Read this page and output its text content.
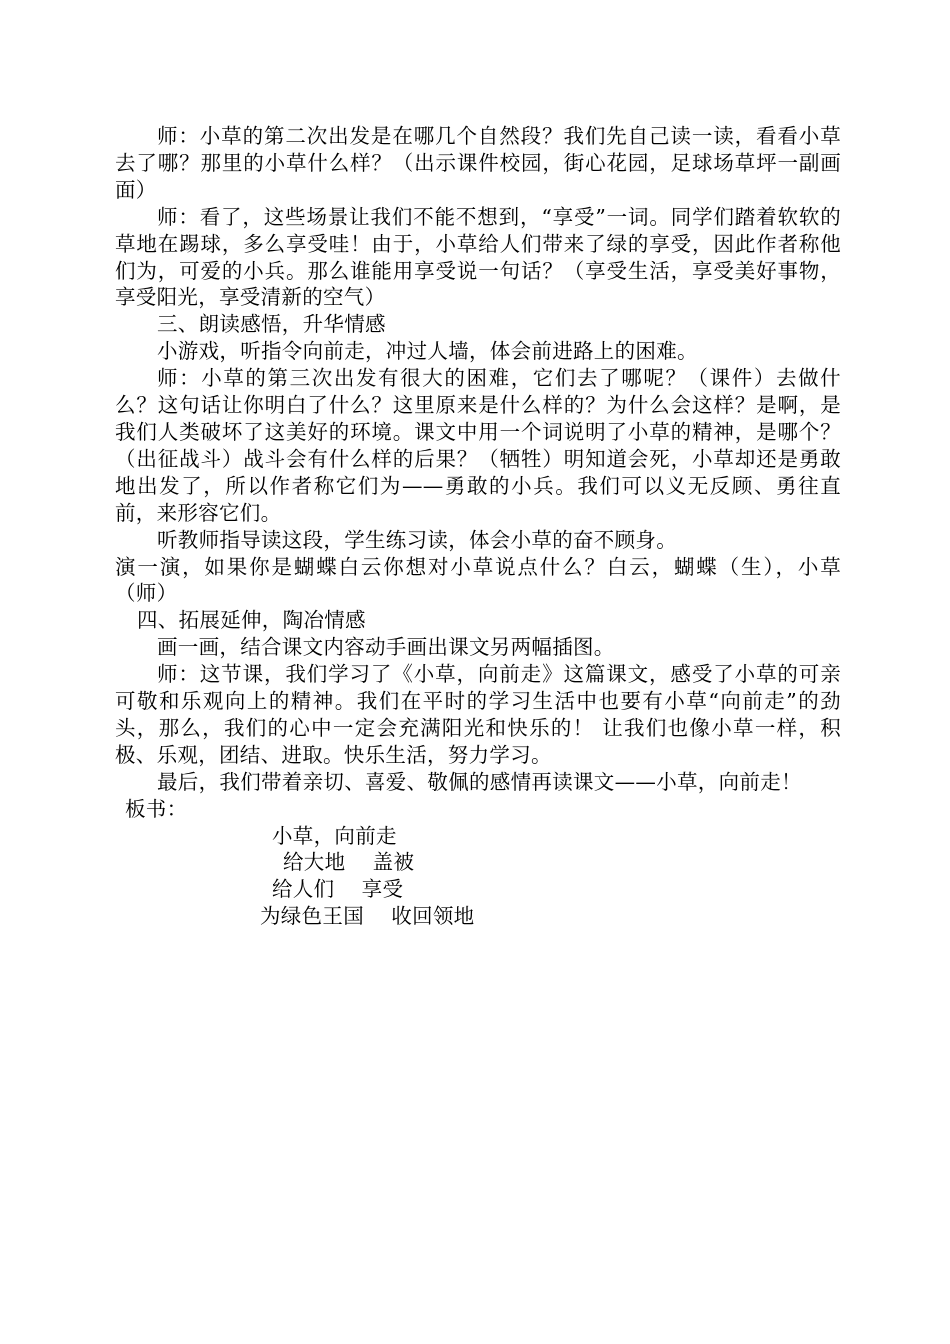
师：小草的第二次出发是在哪几个自然段？我们先自己读一读，看看小草去了哪？那里的小草什么样？（出示课件校园，街心花园，足球场草坪一副画面）

师：看了，这些场景让我们不能不想到，“享受”一词。同学们踏着软软的草地在踢球，多么享受哇！由于，小草给人们带来了绿的享受，因此作者称他们为，可爱的小兵。那么谁能用享受说一句话？（享受生活，享受美好事物，享受阳光，享受清新的空气）

三、朗读感悟，升华情感

小游戏，听指令向前走，冲过人墙，体会前进路上的困难。

师：小草的第三次出发有很大的困难，它们去了哪呢？（课件）去做什么？这句话让你明白了什么？这里原来是什么样的？为什么会这样？是啊，是我们人类破坏了这美好的环境。课文中用一个词说明了小草的精神，是哪个？（出征战斗）战斗会有什么样的后果？（牺牲）明知道会死，小草却还是勇敢地出发了，所以作者称它们为——勇敢的小兵。我们可以义无反顾、勇往直前，来形容它们。

听教师指导读这段，学生练习读，体会小草的奋不顾身。

演一演，如果你是蝴蝶白云你想对小草说点什么？白云，蝴蝶（生），小草（师）

四、拓展延伸，陶冶情感

画一画，结合课文内容动手画出课文另两幅插图。

师：这节课，我们学习了《小草，向前走》这篇课文，感受了小草的可亲可敬和乐观向上的精神。我们在平时的学习生活中也要有小草“向前走”的劲头，那么，我们的心中一定会充满阳光和快乐的！ 让我们也像小草一样，积极、乐观，团结、进取。快乐生活，努力学习。

最后，我们带着亲切、喜爱、敬佩的感情再读课文——小草，向前走！

板书：

小草，向前走

给大地    盖被

给人们    享受

为绿色王国    收回领地
